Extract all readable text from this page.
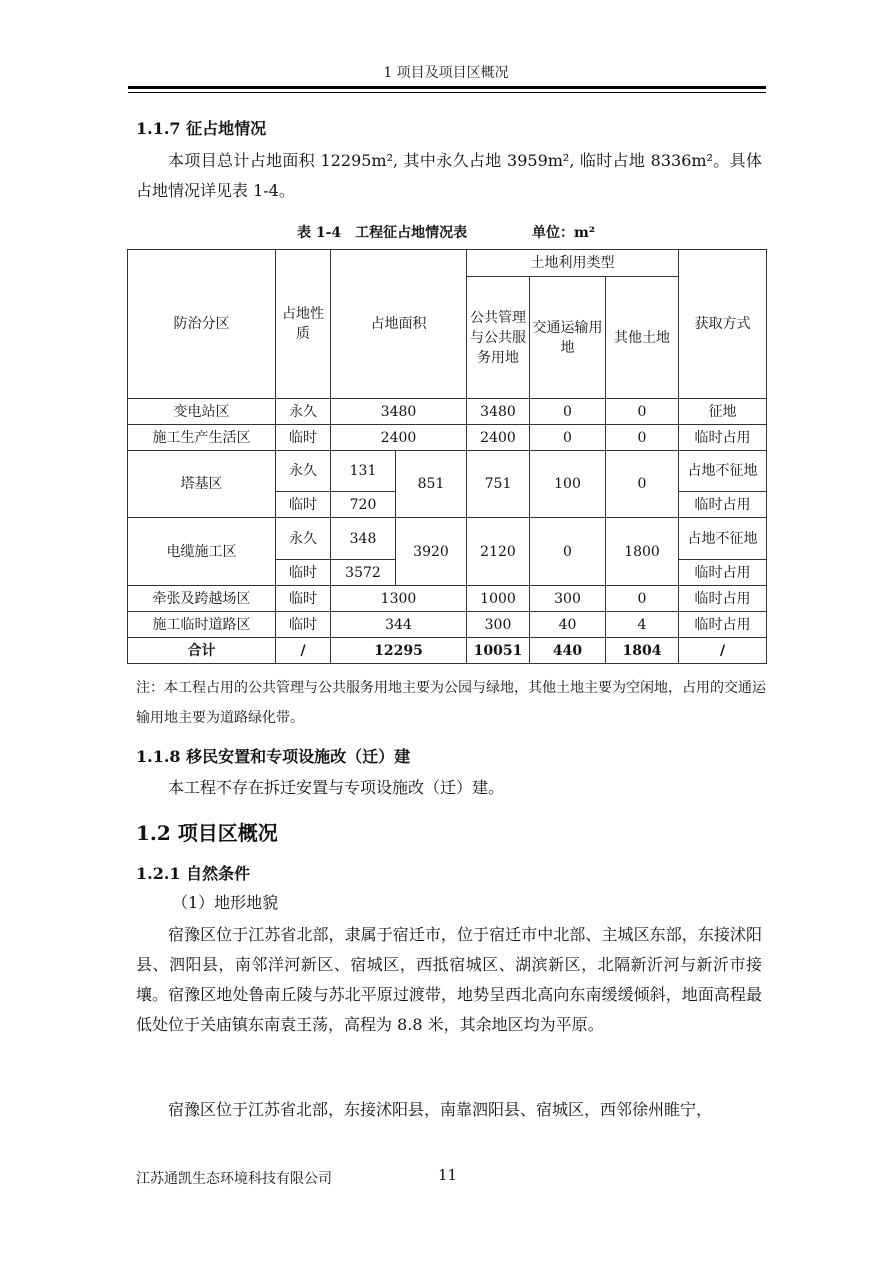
1 项目及项目区概况
1.1.7 征占地情况

本项目总计占地面积 12295m², 其中永久占地 3959m², 临时占地 8336m²。具体占地情况详见表 1-4。

表 1-4　工程征占地情况表	单位：m²
防治分区	占地性质	占地面积		土地利用类型			获取方式
				公共管理与公共服务用地	交通运输用地	其他土地	
变电站区	永久	3480		3480	0	0	征地
施工生产生活区	临时	2400		2400	0	0	临时占用
塔基区	永久	131	851	751	100	0	占地不征地
	临时	720					临时占用
电缆施工区	永久	348	3920	2120	0	1800	占地不征地
	临时	3572					临时占用
牵张及跨越场区	临时	1300		1000	300	0	临时占用
施工临时道路区	临时	344		300	40	4	临时占用
合计	/	12295		10051	440	1804	/

注：本工程占用的公共管理与公共服务用地主要为公园与绿地，其他土地主要为空闲地，占用的交通运输用地主要为道路绿化带。

1.1.8 移民安置和专项设施改（迁）建

本工程不存在拆迁安置与专项设施改（迁）建。

1.2 项目区概况
1.2.1 自然条件
（1）地形地貌

宿豫区位于江苏省北部，隶属于宿迁市，位于宿迁市中北部、主城区东部，东接沭阳县、泗阳县，南邻洋河新区、宿城区，西抵宿城区、湖滨新区，北隔新沂河与新沂市接壤。宿豫区地处鲁南丘陵与苏北平原过渡带，地势呈西北高向东南缓缓倾斜，地面高程最低处位于关庙镇东南袁王荡，高程为 8.8 米，其余地区均为平原。

宿豫区位于江苏省北部，东接沭阳县，南靠泗阳县、宿城区，西邻徐州睢宁，

江苏通凯生态环境科技有限公司	11
